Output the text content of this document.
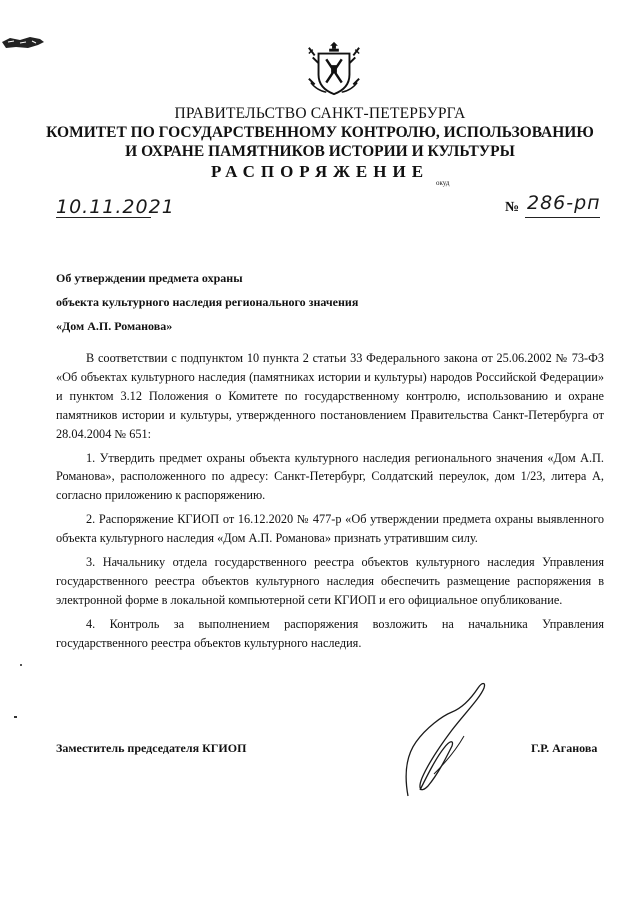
ПРАВИТЕЛЬСТВО САНКТ-ПЕТЕРБУРГА
КОМИТЕТ ПО ГОСУДАРСТВЕННОМУ КОНТРОЛЮ, ИСПОЛЬЗОВАНИЮ
И ОХРАНЕ ПАМЯТНИКОВ ИСТОРИИ И КУЛЬТУРЫ
РАСПОРЯЖЕНИЕ
окуд
10.11.2021	№ 286-рп
Об утверждении предмета охраны
объекта культурного наследия регионального значения
«Дом А.П. Романова»

В соответствии с подпунктом 10 пункта 2 статьи 33 Федерального закона от 25.06.2002 № 73-ФЗ «Об объектах культурного наследия (памятниках истории и культуры) народов Российской Федерации» и пунктом 3.12 Положения о Комитете по государственному контролю, использованию и охране памятников истории и культуры, утвержденного постановлением Правительства Санкт-Петербурга от 28.04.2004 № 651:

1. Утвердить предмет охраны объекта культурного наследия регионального значения «Дом А.П. Романова», расположенного по адресу: Санкт-Петербург, Солдатский переулок, дом 1/23, литера А, согласно приложению к распоряжению.

2. Распоряжение КГИОП от 16.12.2020 № 477-р «Об утверждении предмета охраны выявленного объекта культурного наследия «Дом А.П. Романова» признать утратившим силу.

3. Начальнику отдела государственного реестра объектов культурного наследия Управления государственного реестра объектов культурного наследия обеспечить размещение распоряжения в электронной форме в локальной компьютерной сети КГИОП и его официальное опубликование.

4. Контроль за выполнением распоряжения возложить на начальника Управления государственного реестра объектов культурного наследия.

Заместитель председателя КГИОП	Г.Р. Аганова
